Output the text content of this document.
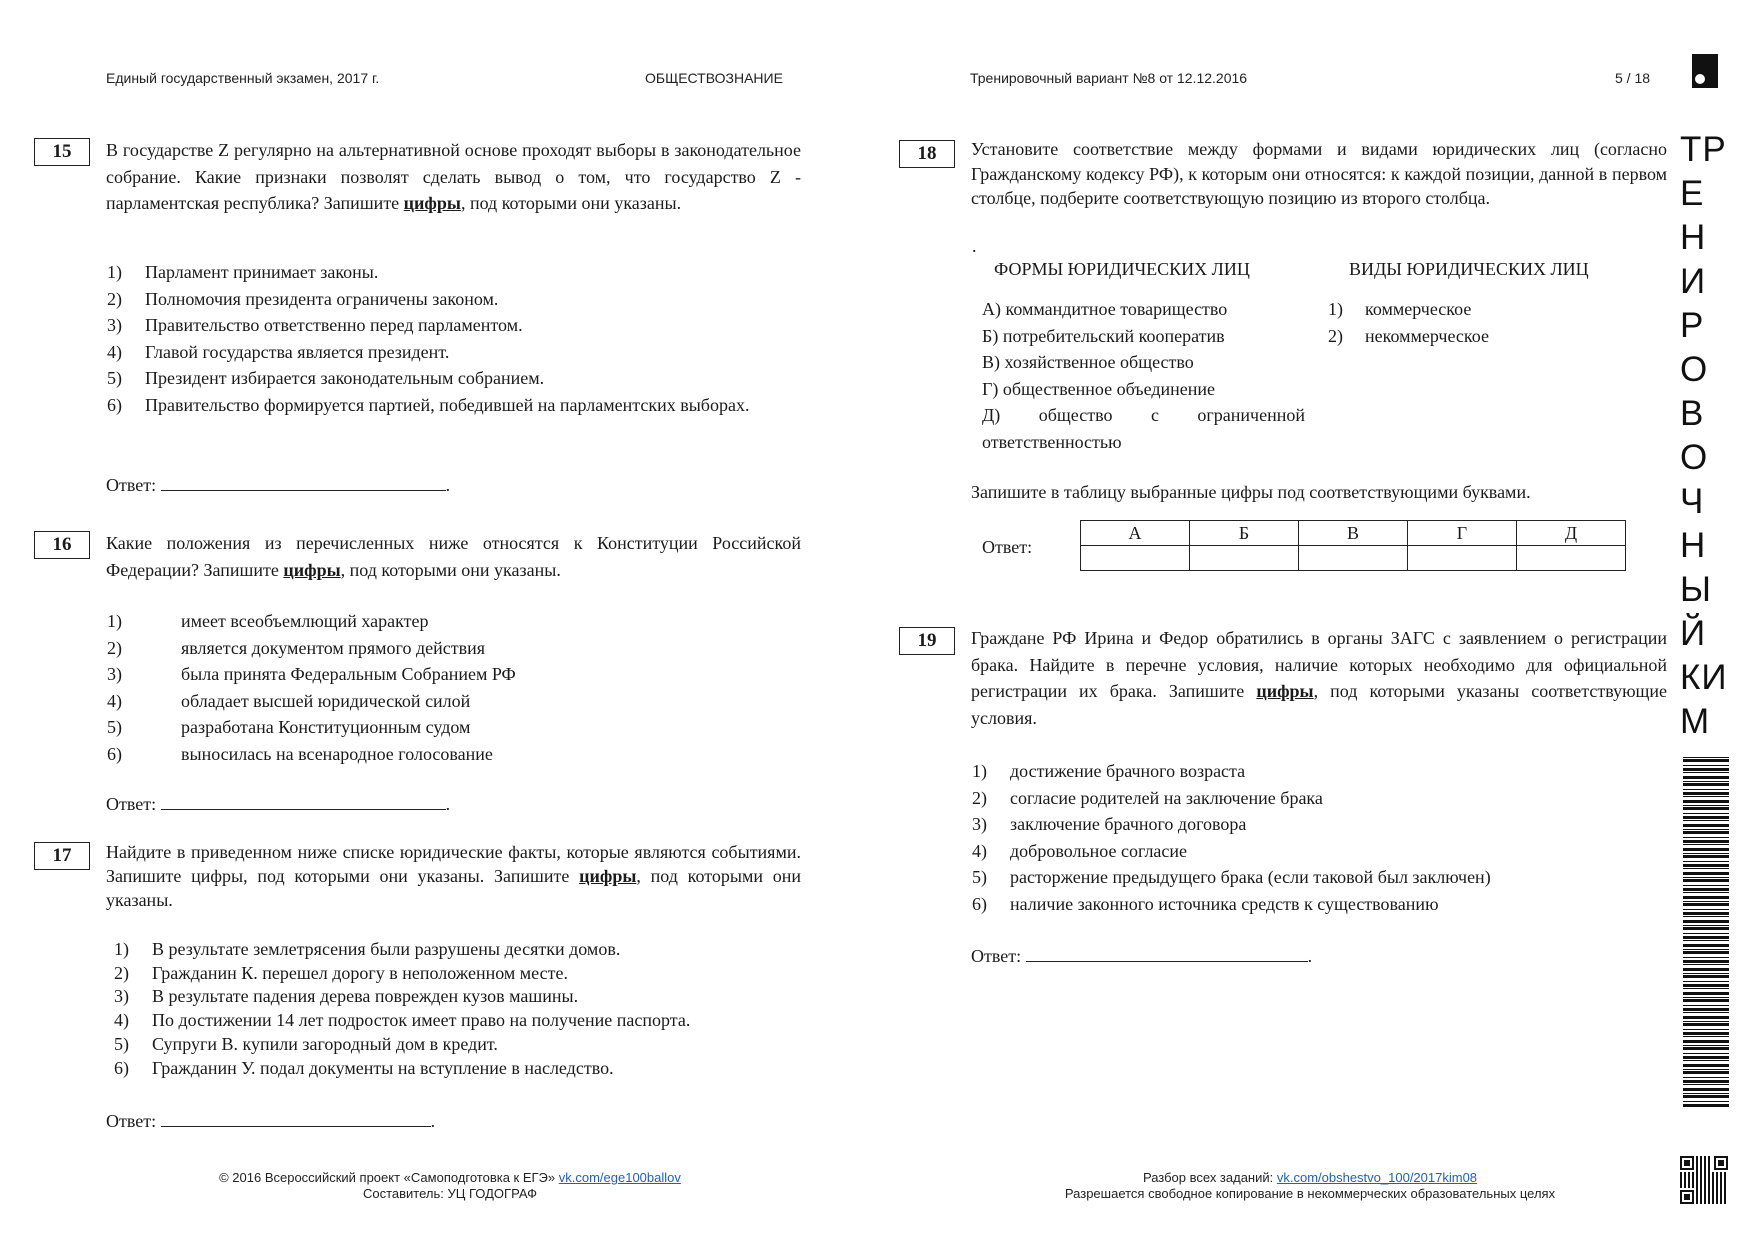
Единый государственный экзамен, 2017 г.	ОБЩЕСТВОЗНАНИЕ	Тренировочный вариант №8 от 12.12.2016	5 / 18
15	В государстве Z регулярно на альтернативной основе проходят выборы в законодательное собрание. Какие признаки позволят сделать вывод о том, что государство Z - парламентская республика? Запишите цифры, под которыми они указаны.
1) Парламент принимает законы.
2) Полномочия президента ограничены законом.
3) Правительство ответственно перед парламентом.
4) Главой государства является президент.
5) Президент избирается законодательным собранием.
6) Правительство формируется партией, победившей на парламентских выборах.
Ответ:	.
16	Какие положения из перечисленных ниже относятся к Конституции Российской Федерации? Запишите цифры, под которыми они указаны.
1)	имеет всеобъемлющий характер
2)	является документом прямого действия
3)	была принята Федеральным Собранием РФ
4)	обладает высшей юридической силой
5)	разработана Конституционным судом
6)	выносилась на всенародное голосование
Ответ:	.
17	Найдите в приведенном ниже списке юридические факты, которые являются событиями. Запишите цифры, под которыми они указаны. Запишите цифры, под которыми они указаны.
1) В результате землетрясения были разрушены десятки домов.
2) Гражданин К. перешел дорогу в неположенном месте.
3) В результате падения дерева поврежден кузов машины.
4) По достижении 14 лет подросток имеет право на получение паспорта.
5) Супруги В. купили загородный дом в кредит.
6) Гражданин У. подал документы на вступление в наследство.
Ответ:	.
18	Установите соответствие между формами и видами юридических лиц (согласно Гражданскому кодексу РФ), к которым они относятся: к каждой позиции, данной в первом столбце, подберите соответствующую позицию из второго столбца.
.
ФОРМЫ ЮРИДИЧЕСКИХ ЛИЦ	ВИДЫ ЮРИДИЧЕСКИХ ЛИЦ
А) коммандитное товарищество
Б) потребительский кооператив
В) хозяйственное общество
Г) общественное объединение
Д) общество с ограниченной ответственностью
1) коммерческое
2) некоммерческое
Запишите в таблицу выбранные цифры под соответствующими буквами.
Ответ:
А	Б	В	Г	Д

19	Граждане РФ Ирина и Федор обратились в органы ЗАГС с заявлением о регистрации брака. Найдите в перечне условия, наличие которых необходимо для официальной регистрации их брака. Запишите цифры, под которыми указаны соответствующие условия.
1) достижение брачного возраста
2) согласие родителей на заключение брака
3) заключение брачного договора
4) добровольное согласие
5) расторжение предыдущего брака (если таковой был заключен)
6) наличие законного источника средств к существованию
Ответ:	.
© 2016 Всероссийский проект «Самоподготовка к ЕГЭ» vk.com/ege100ballov
Составитель: УЦ ГОДОГРАФ
Разбор всех заданий: vk.com/obshestvo_100/2017kim08
Разрешается свободное копирование в некоммерческих образовательных целях
ТР
Е
Н
И
Р
О
В
О
Ч
Н
Ы
Й
КИ
М
